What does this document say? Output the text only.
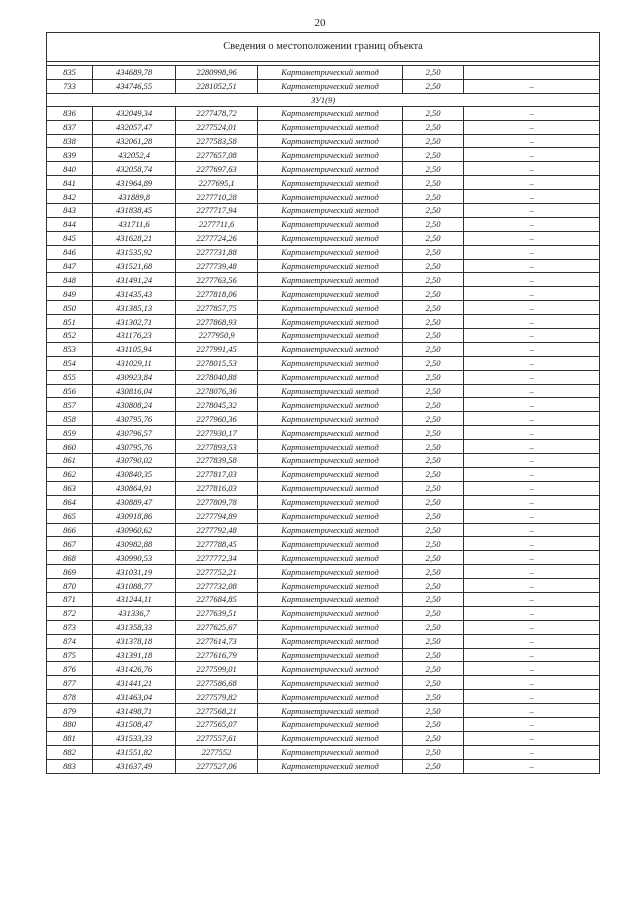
20
Сведения о местоположении границ объекта					

835	434689,78	2280998,96	Картометрический метод	2,50	
733	434746,55	2281052,51	Картометрический метод	2,50	–
ЗУ1(9)					
836	432049,34	2277478,72	Картометрический метод	2,50	–
837	432057,47	2277524,01	Картометрический метод	2,50	–
838	432061,28	2277583,58	Картометрический метод	2,50	–
839	432052,4	2277657,08	Картометрический метод	2,50	–
840	432058,74	2277697,63	Картометрический метод	2,50	–
841	431964,89	2277695,1	Картометрический метод	2,50	–
842	431889,8	2277710,28	Картометрический метод	2,50	–
843	431838,45	2277717,94	Картометрический метод	2,50	–
844	431711,6	2277711,6	Картометрический метод	2,50	–
845	431628,21	2277724,26	Картометрический метод	2,50	–
846	431535,92	2277731,88	Картометрический метод	2,50	–
847	431521,68	2277739,48	Картометрический метод	2,50	–
848	431491,24	2277763,56	Картометрический метод	2,50	–
849	431435,43	2277818,06	Картометрический метод	2,50	–
850	431385,13	2277857,75	Картометрический метод	2,50	–
851	431302,71	2277868,93	Картометрический метод	2,50	–
852	431176,23	2277950,9	Картометрический метод	2,50	–
853	431105,94	2277991,45	Картометрический метод	2,50	–
854	431029,11	2278015,53	Картометрический метод	2,50	–
855	430923,84	2278040,88	Картометрический метод	2,50	–
856	430816,04	2278076,36	Картометрический метод	2,50	–
857	430808,24	2278045,32	Картометрический метод	2,50	–
858	430795,76	2277960,36	Картометрический метод	2,50	–
859	430796,57	2277930,17	Картометрический метод	2,50	–
860	430795,76	2277893,53	Картометрический метод	2,50	–
861	430790,02	2277839,58	Картометрический метод	2,50	–
862	430840,35	2277817,03	Картометрический метод	2,50	–
863	430864,91	2277816,03	Картометрический метод	2,50	–
864	430889,47	2277809,78	Картометрический метод	2,50	–
865	430918,86	2277794,89	Картометрический метод	2,50	–
866	430960,62	2277792,48	Картометрический метод	2,50	–
867	430982,88	2277788,45	Картометрический метод	2,50	–
868	430990,53	2277772,34	Картометрический метод	2,50	–
869	431031,19	2277752,21	Картометрический метод	2,50	–
870	431088,77	2277732,08	Картометрический метод	2,50	–
871	431244,11	2277684,85	Картометрический метод	2,50	–
872	431336,7	2277639,51	Картометрический метод	2,50	–
873	431358,33	2277625,67	Картометрический метод	2,50	–
874	431378,18	2277614,73	Картометрический метод	2,50	–
875	431391,18	2277616,79	Картометрический метод	2,50	–
876	431426,76	2277599,01	Картометрический метод	2,50	–
877	431441,21	2277586,68	Картометрический метод	2,50	–
878	431463,04	2277579,82	Картометрический метод	2,50	–
879	431498,71	2277568,21	Картометрический метод	2,50	–
880	431508,47	2277565,07	Картометрический метод	2,50	–
881	431533,33	2277557,61	Картометрический метод	2,50	–
882	431551,82	2277552	Картометрический метод	2,50	–
883	431637,49	2277527,06	Картометрический метод	2,50	–
